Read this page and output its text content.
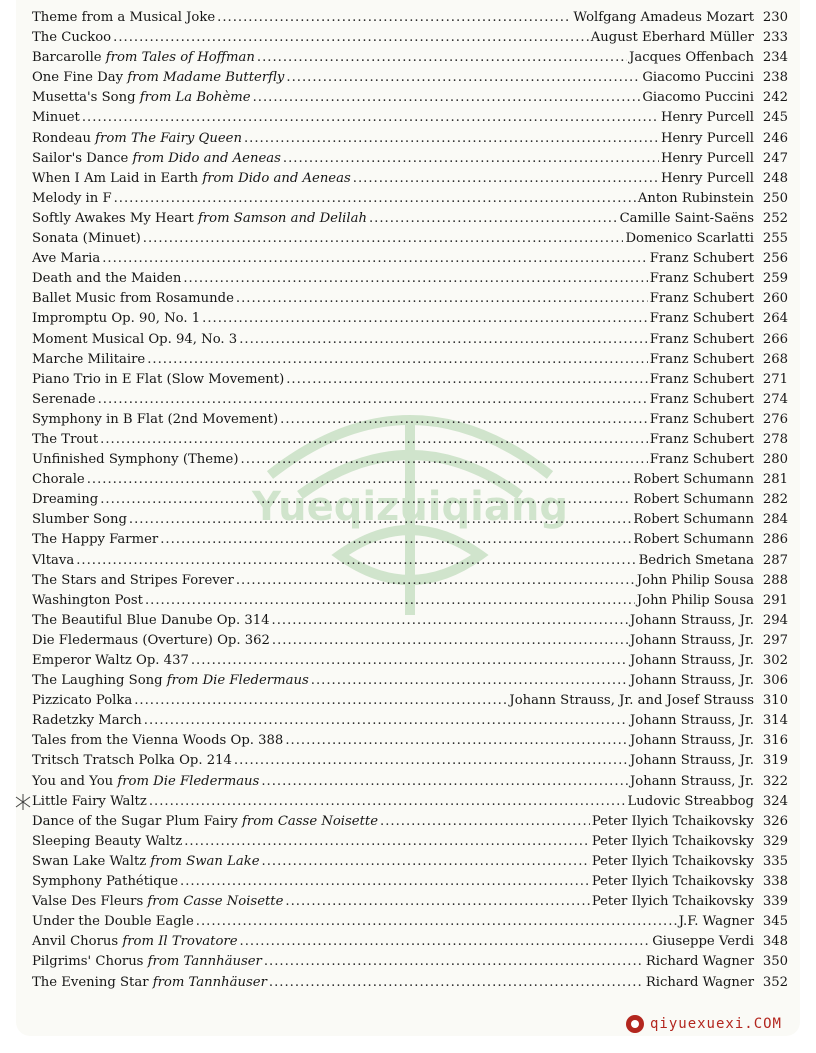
Yueqizuiqiang
Theme from a Musical Joke .....	Wolfgang Amadeus Mozart 230
The Cuckoo .....	August Eberhard Müller 233
Barcarolle from Tales of Hoffman .....	Jacques Offenbach 234
One Fine Day from Madame Butterfly .....	Giacomo Puccini 238
Musetta's Song from La Bohème .....	Giacomo Puccini 242
Minuet .....	Henry Purcell 245
Rondeau from The Fairy Queen .....	Henry Purcell 246
Sailor's Dance from Dido and Aeneas .....	Henry Purcell 247
When I Am Laid in Earth from Dido and Aeneas .....	Henry Purcell 248
Melody in F .....	Anton Rubinstein 250
Softly Awakes My Heart from Samson and Delilah .....	Camille Saint-Saëns 252
Sonata (Minuet) .....	Domenico Scarlatti 255
Ave Maria .....	Franz Schubert 256
Death and the Maiden .....	Franz Schubert 259
Ballet Music from Rosamunde .....	Franz Schubert 260
Impromptu Op. 90, No. 1 .....	Franz Schubert 264
Moment Musical Op. 94, No. 3 .....	Franz Schubert 266
Marche Militaire .....	Franz Schubert 268
Piano Trio in E Flat (Slow Movement) .....	Franz Schubert 271
Serenade .....	Franz Schubert 274
Symphony in B Flat (2nd Movement) .....	Franz Schubert 276
The Trout .....	Franz Schubert 278
Unfinished Symphony (Theme) .....	Franz Schubert 280
Chorale .....	Robert Schumann 281
Dreaming .....	Robert Schumann 282
Slumber Song .....	Robert Schumann 284
The Happy Farmer .....	Robert Schumann 286
Vltava .....	Bedrich Smetana 287
The Stars and Stripes Forever .....	John Philip Sousa 288
Washington Post .....	John Philip Sousa 291
The Beautiful Blue Danube Op. 314 .....	Johann Strauss, Jr. 294
Die Fledermaus (Overture) Op. 362 .....	Johann Strauss, Jr. 297
Emperor Waltz Op. 437 .....	Johann Strauss, Jr. 302
The Laughing Song from Die Fledermaus .....	Johann Strauss, Jr. 306
Pizzicato Polka .....	Johann Strauss, Jr. and Josef Strauss 310
Radetzky March .....	Johann Strauss, Jr. 314
Tales from the Vienna Woods Op. 388 .....	Johann Strauss, Jr. 316
Tritsch Tratsch Polka Op. 214 .....	Johann Strauss, Jr. 319
You and You from Die Fledermaus .....	Johann Strauss, Jr. 322
Little Fairy Waltz .....	Ludovic Streabbog 324
Dance of the Sugar Plum Fairy from Casse Noisette .....	Peter Ilyich Tchaikovsky 326
Sleeping Beauty Waltz .....	Peter Ilyich Tchaikovsky 329
Swan Lake Waltz from Swan Lake .....	Peter Ilyich Tchaikovsky 335
Symphony Pathétique .....	Peter Ilyich Tchaikovsky 338
Valse Des Fleurs from Casse Noisette .....	Peter Ilyich Tchaikovsky 339
Under the Double Eagle .....	J.F. Wagner 345
Anvil Chorus from Il Trovatore .....	Giuseppe Verdi 348
Pilgrims' Chorus from Tannhäuser .....	Richard Wagner 350
The Evening Star from Tannhäuser .....	Richard Wagner 352
qiyuexuexi.COM
